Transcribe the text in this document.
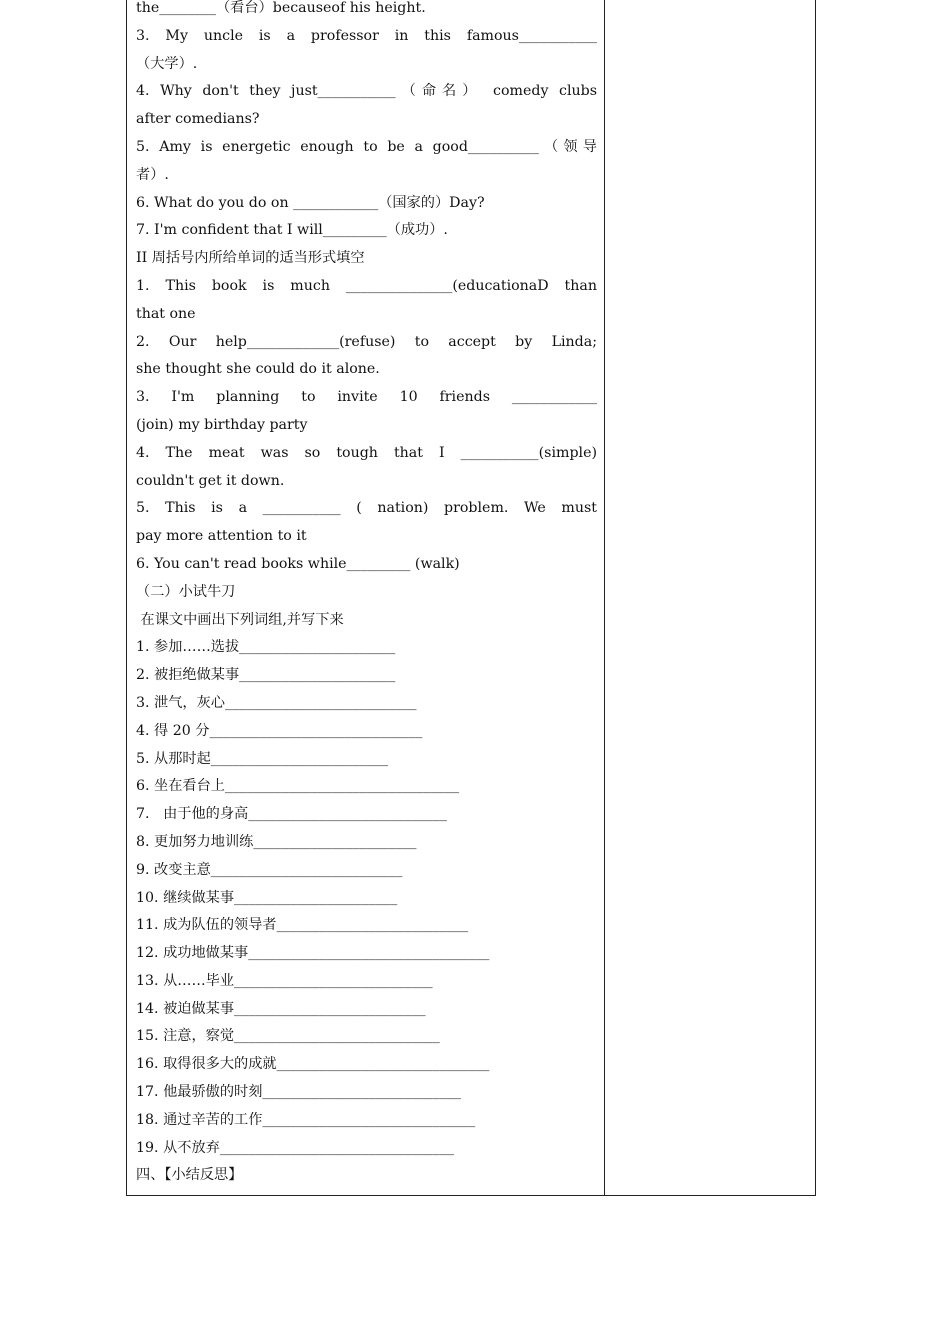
the________（看台）becauseof his height.
3. My uncle is a professor in this famous___________
（大学）.
4. Why don't they just___________（命名） comedy clubs
after comedians?
5. Amy is energetic enough to be a good__________（领导
者）.
6. What do you do on ____________（国家的）Day?
7. I'm confident that I will_________（成功）.
II 周括号内所给单词的适当形式填空
1. This book is much _______________(educationaD than
that one
2. Our help_____________(refuse) to accept by Linda;
she thought she could do it alone.
3. I'm planning to invite 10 friends ____________
(join) my birthday party
4. The meat was so tough that I ___________(simple)
couldn't get it down.
5. This is a ___________ ( nation) problem. We must
pay more attention to it
6. You can't read books while_________ (walk)
（二）小试牛刀
在课文中画出下列词组,并写下来
1. 参加……选拔______________________
2. 被拒绝做某事______________________
3. 泄气，灰心___________________________
4. 得 20 分______________________________
5. 从那时起_________________________
6. 坐在看台上_________________________________
7.   由于他的身高____________________________
8. 更加努力地训练_______________________
9. 改变主意___________________________
10. 继续做某事_______________________
11. 成为队伍的领导者___________________________
12. 成功地做某事__________________________________
13. 从……毕业____________________________
14. 被迫做某事___________________________
15. 注意，察觉_____________________________
16. 取得很多大的成就______________________________
17. 他最骄傲的时刻____________________________
18. 通过辛苦的工作______________________________
19. 从不放弃_________________________________
四、【小结反思】
